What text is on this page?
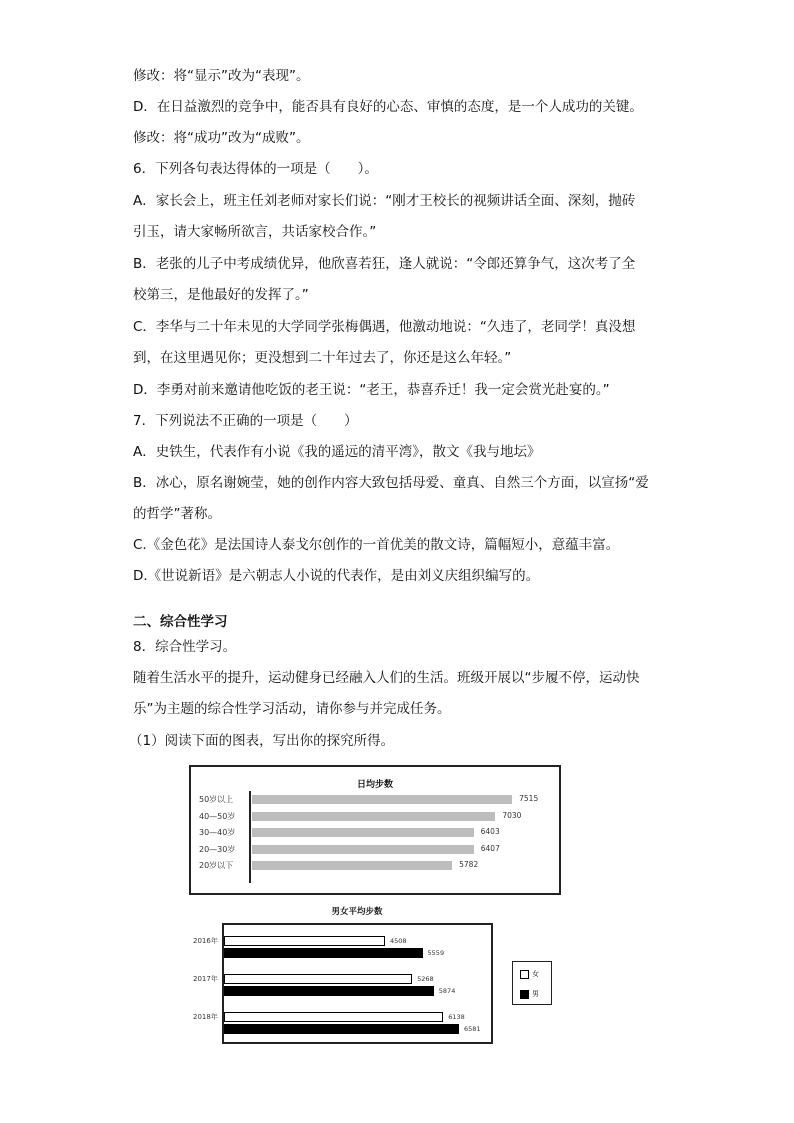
修改：将“显示”改为“表现”。
D．在日益激烈的竞争中，能否具有良好的心态、审慎的态度，是一个人成功的关键。
修改：将“成功”改为“成败”。
6．下列各句表达得体的一项是（　　）。
A．家长会上，班主任刘老师对家长们说：“刚才王校长的视频讲话全面、深刻，抛砖
引玉，请大家畅所欲言，共话家校合作。”
B．老张的儿子中考成绩优异，他欣喜若狂，逢人就说：“令郎还算争气，这次考了全
校第三，是他最好的发挥了。”
C．李华与二十年未见的大学同学张梅偶遇，他激动地说：“久违了，老同学！真没想
到，在这里遇见你；更没想到二十年过去了，你还是这么年轻。”
D．李勇对前来邀请他吃饭的老王说：“老王，恭喜乔迁！我一定会赏光赴宴的。”
7．下列说法不正确的一项是（　　）
A．史铁生，代表作有小说《我的遥远的清平湾》，散文《我与地坛》
B．冰心，原名谢婉莹，她的创作内容大致包括母爱、童真、自然三个方面，以宣扬“爱
的哲学”著称。
C.《金色花》是法国诗人泰戈尔创作的一首优美的散文诗，篇幅短小，意蕴丰富。
D.《世说新语》是六朝志人小说的代表作，是由刘义庆组织编写的。
二、综合性学习
8．综合性学习。
随着生活水平的提升，运动健身已经融入人们的生活。班级开展以“步履不停，运动快
乐”为主题的综合性学习活动，请你参与并完成任务。
（1）阅读下面的图表，写出你的探究所得。
日均步数
50岁以上	7515
40—50岁	7030
30—40岁	6403
20—30岁	6407
20岁以下	5782
男女平均步数
4508
5559
5268
5874
6138
6581
2016年
2017年
2018年
女
男
